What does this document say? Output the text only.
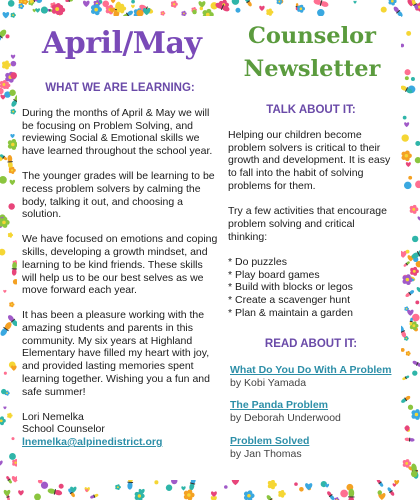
April/May	Counselor
Newsletter
WHAT WE ARE LEARNING:

During the months of April & May we will be focusing on Problem Solving, and reviewing Social & Emotional skills we have learned throughout the school year.

The younger grades will be learning to be recess problem solvers by calming the body, talking it out, and choosing a solution.

We have focused on emotions and coping skills, developing a growth mindset, and learning to be kind friends. These skills will help us to be our best selves as we move forward each year.

It has been a pleasure working with the amazing students and parents in this community. My six years at Highland Elementary have filled my heart with joy, and provided lasting memories spent learning together. Wishing you a fun and safe summer!

Lori Nemelka
School Counselor
lnemelka@alpinedistrict.org

TALK ABOUT IT:

Helping our children become problem solvers is critical to their growth and development. It is easy to fall into the habit of solving problems for them.

Try a few activities that encourage problem solving and critical thinking:

* Do puzzles
* Play board games
* Build with blocks or legos
* Create a scavenger hunt
* Plan & maintain a garden
READ ABOUT IT:
What Do You Do With A Problem by Kobi Yamada
The Panda Problem
by Deborah Underwood
Problem Solved
by Jan Thomas
